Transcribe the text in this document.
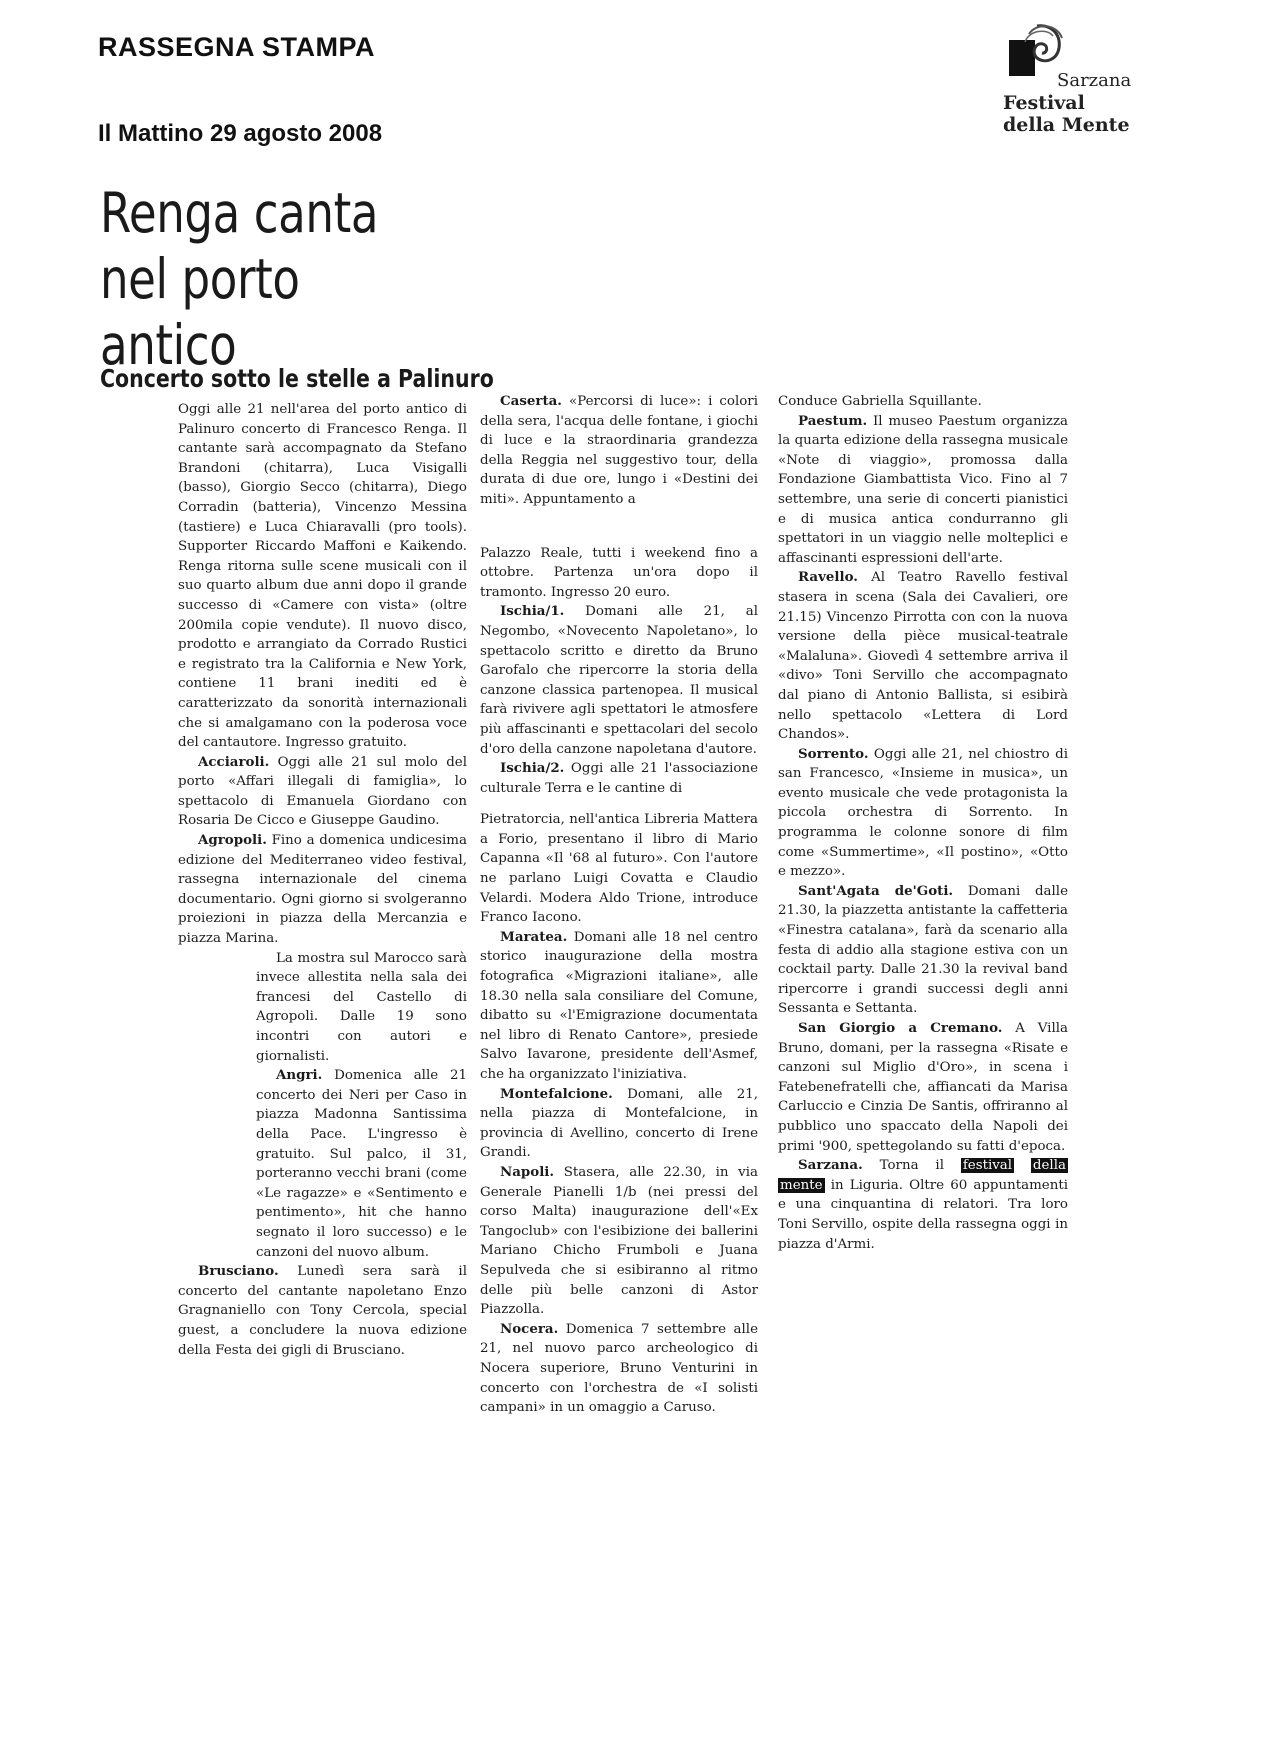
RASSEGNA STAMPA
Il Mattino 29 agosto 2008
Sarzana
Festival
della Mente
Renga canta
nel porto antico
Concerto sotto le stelle a Palinuro

Oggi alle 21 nell'area del porto antico di Palinuro concerto di Francesco Renga. Il cantante sarà accompagnato da Stefano Brandoni (chitarra), Luca Visigalli (basso), Giorgio Secco (chitarra), Diego Corradin (batteria), Vincenzo Messina (tastiere) e Luca Chiaravalli (pro tools). Supporter Riccardo Maffoni e Kaikendo. Renga ritorna sulle scene musicali con il suo quarto album due anni dopo il grande successo di «Camere con vista» (oltre 200mila copie vendute). Il nuovo disco, prodotto e arrangiato da Corrado Rustici e registrato tra la California e New York, contiene 11 brani inediti ed è caratterizzato da sonorità internazionali che si amalgamano con la poderosa voce del cantautore. Ingresso gratuito.

Acciaroli. Oggi alle 21 sul molo del porto «Affari illegali di famiglia», lo spettacolo di Emanuela Giordano con Rosaria De Cicco e Giuseppe Gaudino.

Agropoli. Fino a domenica undicesima edizione del Mediterraneo video festival, rassegna internazionale del cinema documentario. Ogni giorno si svolgeranno proiezioni in piazza della Mercanzia e piazza Marina.

La mostra sul Marocco sarà invece allestita nella sala dei francesi del Castello di Agropoli. Dalle 19 sono incontri con autori e giornalisti.

Angri. Domenica alle 21 concerto dei Neri per Caso in piazza Madonna Santissima della Pace. L'ingresso è gratuito. Sul palco, il 31, porteranno vecchi brani (come «Le ragazze» e «Sentimento e pentimento», hit che hanno segnato il loro successo) e le canzoni del nuovo album.

Brusciano. Lunedì sera sarà il concerto del cantante napoletano Enzo Gragnaniello con Tony Cercola, special guest, a concludere la nuova edizione della Festa dei gigli di Brusciano.

Caserta. «Percorsi di luce»: i colori della sera, l'acqua delle fontane, i giochi di luce e la straordinaria grandezza della Reggia nel suggestivo tour, della durata di due ore, lungo i «Destini dei miti». Appuntamento a

Palazzo Reale, tutti i weekend fino a ottobre. Partenza un'ora dopo il tramonto. Ingresso 20 euro.

Ischia/1. Domani alle 21, al Negombo, «Novecento Napoletano», lo spettacolo scritto e diretto da Bruno Garofalo che ripercorre la storia della canzone classica partenopea. Il musical farà rivivere agli spettatori le atmosfere più affascinanti e spettacolari del secolo d'oro della canzone napoletana d'autore.

Ischia/2. Oggi alle 21 l'associazione culturale Terra e le cantine di

Pietratorcia, nell'antica Libreria Mattera a Forio, presentano il libro di Mario Capanna «Il '68 al futuro». Con l'autore ne parlano Luigi Covatta e Claudio Velardi. Modera Aldo Trione, introduce Franco Iacono.

Maratea. Domani alle 18 nel centro storico inaugurazione della mostra fotografica «Migrazioni italiane», alle 18.30 nella sala consiliare del Comune, dibatto su «l'Emigrazione documentata nel libro di Renato Cantore», presiede Salvo Iavarone, presidente dell'Asmef, che ha organizzato l'iniziativa.

Montefalcione. Domani, alle 21, nella piazza di Montefalcione, in provincia di Avellino, concerto di Irene Grandi.

Napoli. Stasera, alle 22.30, in via Generale Pianelli 1/b (nei pressi del corso Malta) inaugurazione dell'«Ex Tangoclub» con l'esibizione dei ballerini Mariano Chicho Frumboli e Juana Sepulveda che si esibiranno al ritmo delle più belle canzoni di Astor Piazzolla.

Nocera. Domenica 7 settembre alle 21, nel nuovo parco archeologico di Nocera superiore, Bruno Venturini in concerto con l'orchestra de «I solisti campani» in un omaggio a Caruso.

Conduce Gabriella Squillante.

Paestum. Il museo Paestum organizza la quarta edizione della rassegna musicale «Note di viaggio», promossa dalla Fondazione Giambattista Vico. Fino al 7 settembre, una serie di concerti pianistici e di musica antica condurranno gli spettatori in un viaggio nelle molteplici e affascinanti espressioni dell'arte.

Ravello. Al Teatro Ravello festival stasera in scena (Sala dei Cavalieri, ore 21.15) Vincenzo Pirrotta con con la nuova versione della pièce musical-teatrale «Malaluna». Giovedì 4 settembre arriva il «divo» Toni Servillo che accompagnato dal piano di Antonio Ballista, si esibirà nello spettacolo «Lettera di Lord Chandos».

Sorrento. Oggi alle 21, nel chiostro di san Francesco, «Insieme in musica», un evento musicale che vede protagonista la piccola orchestra di Sorrento. In programma le colonne sonore di film come «Summertime», «Il postino», «Otto e mezzo».

Sant'Agata de'Goti. Domani dalle 21.30, la piazzetta antistante la caffetteria «Finestra catalana», farà da scenario alla festa di addio alla stagione estiva con un cocktail party. Dalle 21.30 la revival band ripercorre i grandi successi degli anni Sessanta e Settanta.

San Giorgio a Cremano. A Villa Bruno, domani, per la rassegna «Risate e canzoni sul Miglio d'Oro», in scena i Fatebenefratelli che, affiancati da Marisa Carluccio e Cinzia De Santis, offriranno al pubblico uno spaccato della Napoli dei primi '900, spettegolando su fatti d'epoca.

Sarzana. Torna il festival della mente in Liguria. Oltre 60 appuntamenti e una cinquantina di relatori. Tra loro Toni Servillo, ospite della rassegna oggi in piazza d'Armi.
